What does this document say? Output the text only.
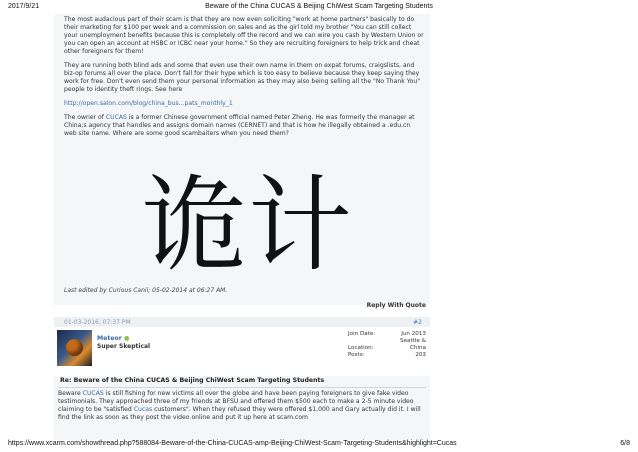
2017/9/21	Beware of the China CUCAS & Beijing ChiWest Scam Targeting Students

The most audacious part of their scam is that they are now even soliciting "work at home partners" basically to do their marketing for $100 per week and a commission on sales and as the girl told my brother "You can still collect your unemployment benefits because this is completely off the record and we can wire you cash by Western Union or you can open an account at HSBC or ICBC near your home." So they are recruiting foreigners to help trick and cheat other foreigners for them!

They are running both blind ads and some that even use their own name in them on expat forums, craigslists, and biz-op forums all over the place. Don't fall for their hype which is too easy to believe because they keep saying they work for free. Don't even send them your personal information as they may also being selling all the "No Thank You" people to identity theft rings. See here

http://open.salon.com/blog/china_bus...pats_monthly_1

The owner of CUCAS is a former Chinese government official named Peter Zheng. He was formerly the manager at China;s agency that handles and assigns domain names (CERNET) and that is how he illegally obtained a .edu.cn web site name. Where are some good scambaiters when you need them?

诡计
Last edited by Curious Canii; 05-02-2014 at 06:27 AM.
Reply With Quote
01-03-2016, 07:37 PM	#2
Meteor ●
Super Skeptical
Join Date:	Jun 2013
Location:Seattle & China
Posts:	203
Re: Beware of the China CUCAS & Beijing ChiWest Scam Targeting Students
Beware CUCAS is still fishing for new victims all over the globe and have been paying foreigners to give fake video testimonials. They approached three of my friends at BFSU and offered them $500 each to make a 2-5 minute video claiming to be "satisfied Cucas customers". When they refused they were offered $1,000 and Gary actually did it. I will find the link as soon as they post the video online and put it up here at scam.com
https://www.xcarm.com/showthread.php?588084-Beware-of-the-China-CUCAS-amp-Beijing-ChiWest-Scam-Targeting-Students&highlight=Cucas	6/8
